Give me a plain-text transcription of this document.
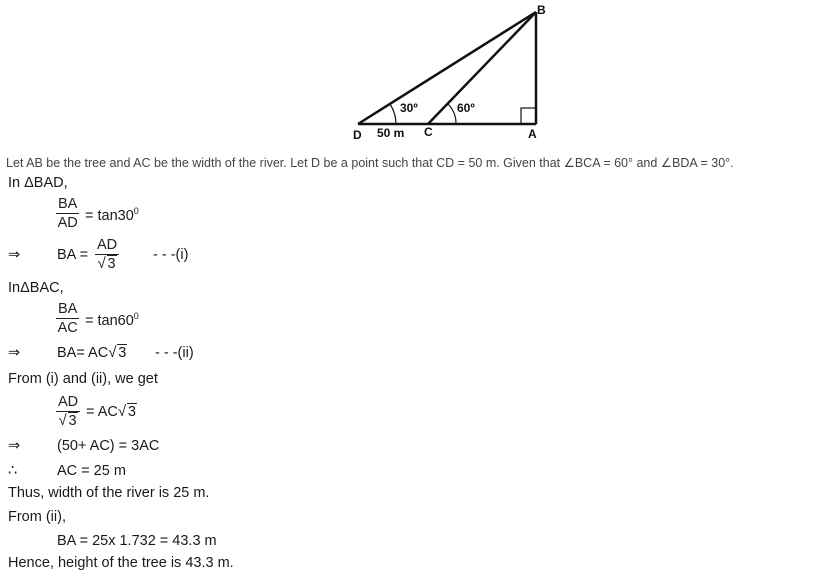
B
D	C	A
50 m
30º	60º
Let AB be the tree and AC be the width of the river. Let D be a point such that CD = 50 m. Given that ∠BCA = 60° and ∠BDA = 30°.
In ΔBAD,
$\frac{BA}{AD} = \tan 30^0$
⇒	BA = AD
√ 3 - - -(i)
InΔBAC,
$\frac{BA}{AC} = \tan 60^0$
⇒	BA= AC √ 3 - - -(ii)
From (i) and (ii), we get
AD
√ 3 = AC √ 3
⇒	(50+ AC) = 3AC
∴	AC = 25 m
Thus, width of the river is 25 m.
From (ii),
BA = 25x 1.732 = 43.3 m
Hence, height of the tree is 43.3 m.
